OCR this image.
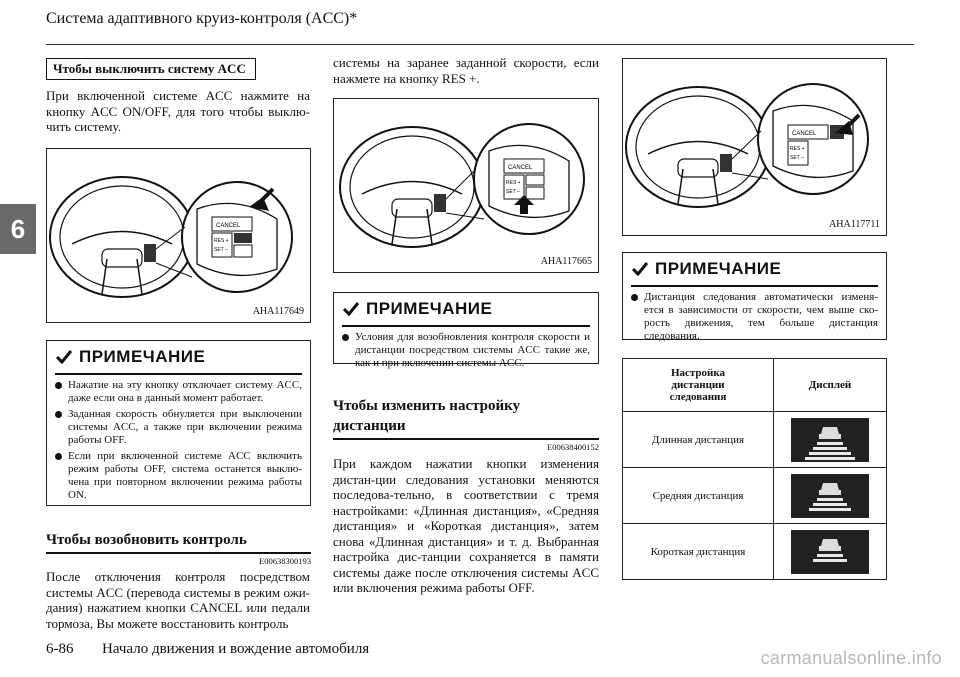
Система адаптивного круиз-контроля (ACC)*
6
Чтобы выключить систему ACC
При включенной системе ACC нажмите на кнопку ACC ON/OFF, для того чтобы выклю-чить систему.
CANCEL
RES +
SET –
AHA117649
ПРИМЕЧАНИЕ
Нажатие на эту кнопку отключает систему ACC, даже если она в данный момент работает.
Заданная скорость обнуляется при выключении системы ACC, а также при включении режима работы OFF.
Если при включенной системе ACC включить режим работы OFF, система останется выклю-чена при повторном включении режима работы ON.
Чтобы возобновить контроль
E00638300193
После отключения контроля посредством системы ACC (перевода системы в режим ожи-дания) нажатием кнопки CANCEL или педали тормоза, Вы можете восстановить контроль
системы на заранее заданной скорости, если нажмете на кнопку RES +.
CANCEL
RES +
SET –
AHA117665
ПРИМЕЧАНИЕ
Условия для возобновления контроля скорости и дистанции посредством системы ACC такие же, как и при включении системы ACC.
Чтобы изменить настройку
дистанции
E00638400152
При каждом нажатии кнопки изменения дистан-ции следования установки меняются последова-тельно, в соответствии с тремя настройками: «Длинная дистанция», «Средняя дистанция» и «Короткая дистанция», затем снова «Длинная дистанция» и т. д. Выбранная настройка дис-танции сохраняется в памяти системы даже после отключения системы ACC или включения режима работы OFF.
CANCEL
RES +
SET –
AHA117711
ПРИМЕЧАНИЕ
Дистанция следования автоматически изменя-ется в зависимости от скорости, чем выше ско-рость движения, тем больше дистанция следования.
Настройка
дистанции
следования	Дисплей
Длинная дистанция	

Средняя дистанция	

Короткая дистанция	
6-86 Начало движения и вождение автомобиля	carmanualsonline.info
